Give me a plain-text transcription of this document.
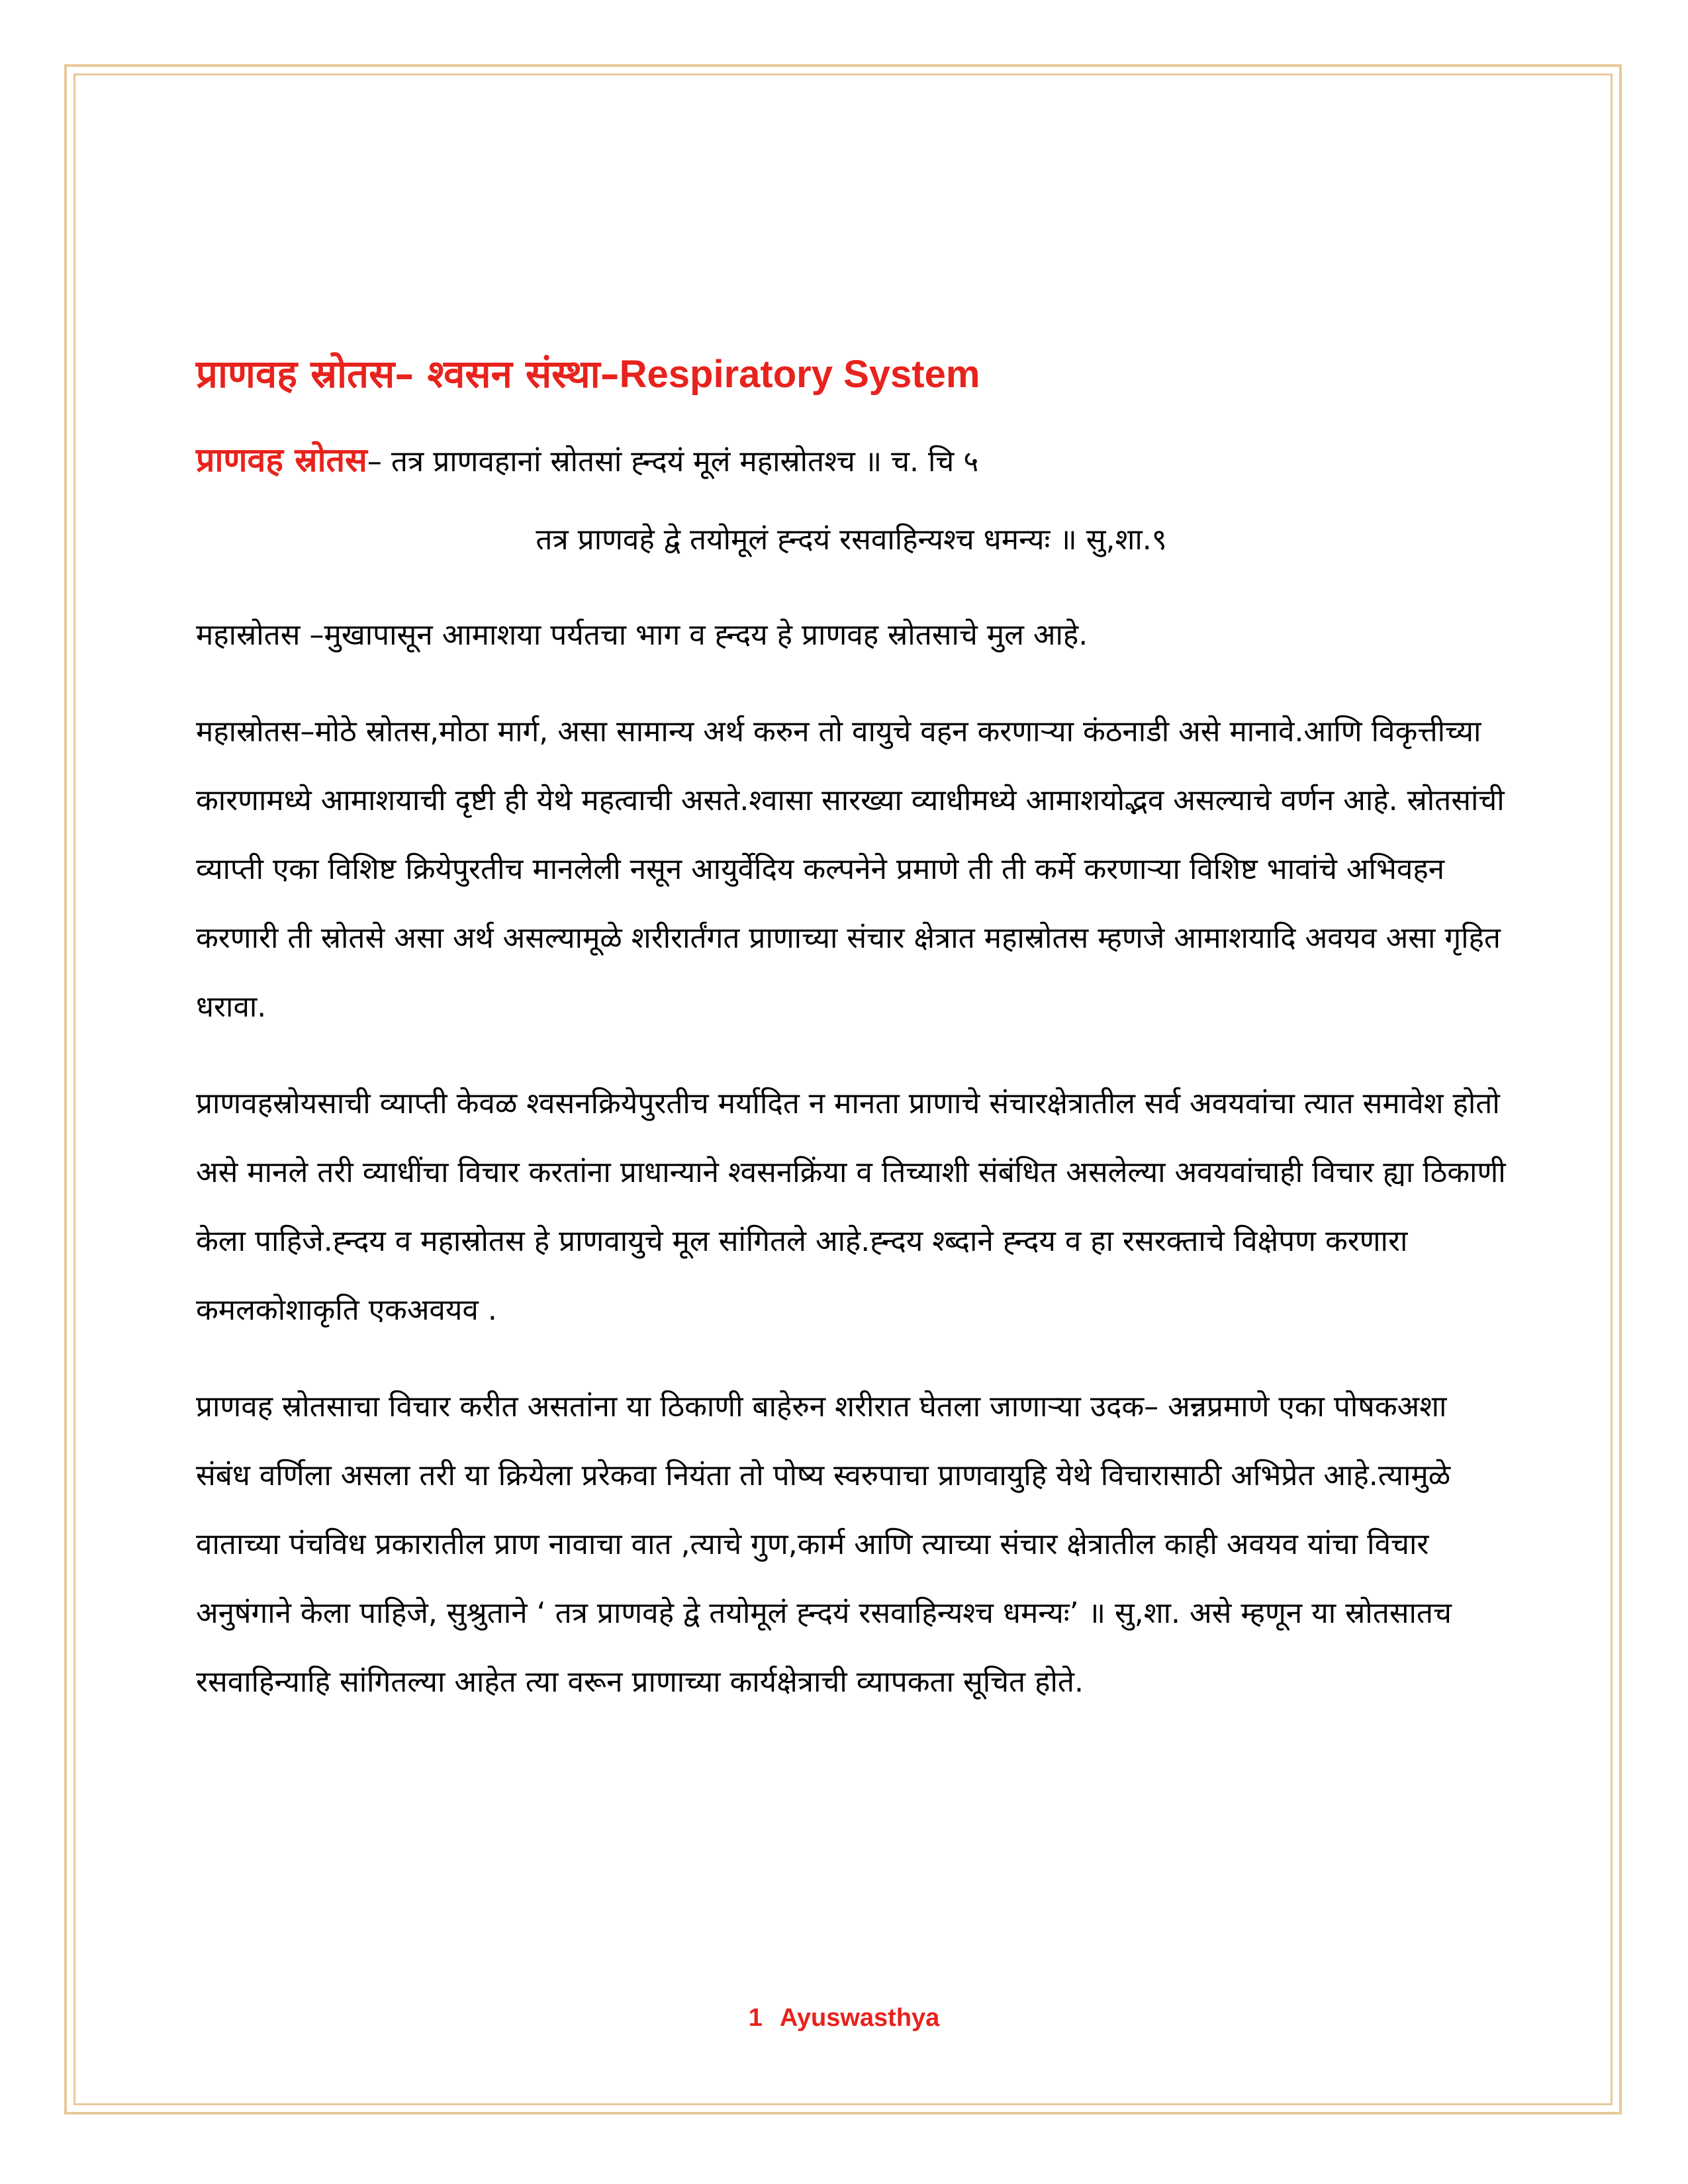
प्राणवह स्रोतस– श्वसन संस्था–Respiratory System

प्राणवह स्रोतस– तत्र प्राणवहानां स्रोतसां ह्न्दयं मूलं महास्रोतश्च ॥ च. चि ५

तत्र प्राणवहे द्वे तयोमूलं ह्न्दयं रसवाहिन्यश्च धमन्यः ॥ सु,शा.९

महास्रोतस –मुखापासून आमाशया पर्यतचा भाग व ह्न्दय हे प्राणवह स्रोतसाचे मुल आहे.

महास्रोतस–मोठे स्रोतस,मोठा मार्ग, असा सामान्य अर्थ करुन तो वायुचे वहन करणाऱ्या कंठनाडी असे मानावे.आणि विकृत्तीच्या कारणामध्ये आमाशयाची दृष्टी ही येथे महत्वाची असते.श्वासा सारख्या व्याधीमध्ये आमाशयोद्भव असल्याचे वर्णन आहे. स्रोतसांची व्याप्ती एका विशिष्ट क्रियेपुरतीच मानलेली नसून आयुर्वेदिय कल्पनेने प्रमाणे ती ती कर्मे करणाऱ्या विशिष्ट भावांचे अभिवहन करणारी ती स्रोतसे असा अर्थ असल्यामूळे शरीरार्तंगत प्राणाच्या संचार क्षेत्रात महास्रोतस म्हणजे आमाशयादि अवयव असा गृहित धरावा.

प्राणवहस्रोयसाची व्याप्ती केवळ श्वसनक्रियेपुरतीच मर्यादित न मानता प्राणाचे संचारक्षेत्रातील सर्व अवयवांचा त्यात समावेश होतो असे मानले तरी व्याधींचा विचार करतांना प्राधान्याने श्वसनक्रिंया व तिच्याशी संबंधित असलेल्या अवयवांचाही विचार ह्या ठिकाणी केला पाहिजे.ह्न्दय व महास्रोतस हे प्राणवायुचे मूल सांगितले आहे.ह्न्दय श्ब्दाने ह्न्दय व हा रसरक्ताचे विक्षेपण करणारा कमलकोशाकृति एकअवयव .

प्राणवह स्रोतसाचा विचार करीत असतांना या ठिकाणी बाहेरुन शरीरात घेतला जाणाऱ्या उदक– अन्नप्रमाणे एका पोषकअशा संबंध वर्णिला असला तरी या क्रियेला प्ररेकवा नियंता तो पोष्य स्वरुपाचा प्राणवायुहि येथे विचारासाठी अभिप्रेत आहे.त्यामुळे वाताच्या पंचविध प्रकारातील प्राण नावाचा वात ,त्याचे गुण,कार्म आणि त्याच्या संचार क्षेत्रातील काही अवयव यांचा विचार अनुषंगाने केला पाहिजे, सुश्रुताने ‘ तत्र प्राणवहे द्वे तयोमूलं ह्न्दयं रसवाहिन्यश्च धमन्यः’ ॥ सु,शा. असे म्हणून या स्रोतसातच रसवाहिन्याहि सांगितल्या आहेत त्या वरून प्राणाच्या कार्यक्षेत्राची व्यापकता सूचित होते.

1 Ayuswasthya
